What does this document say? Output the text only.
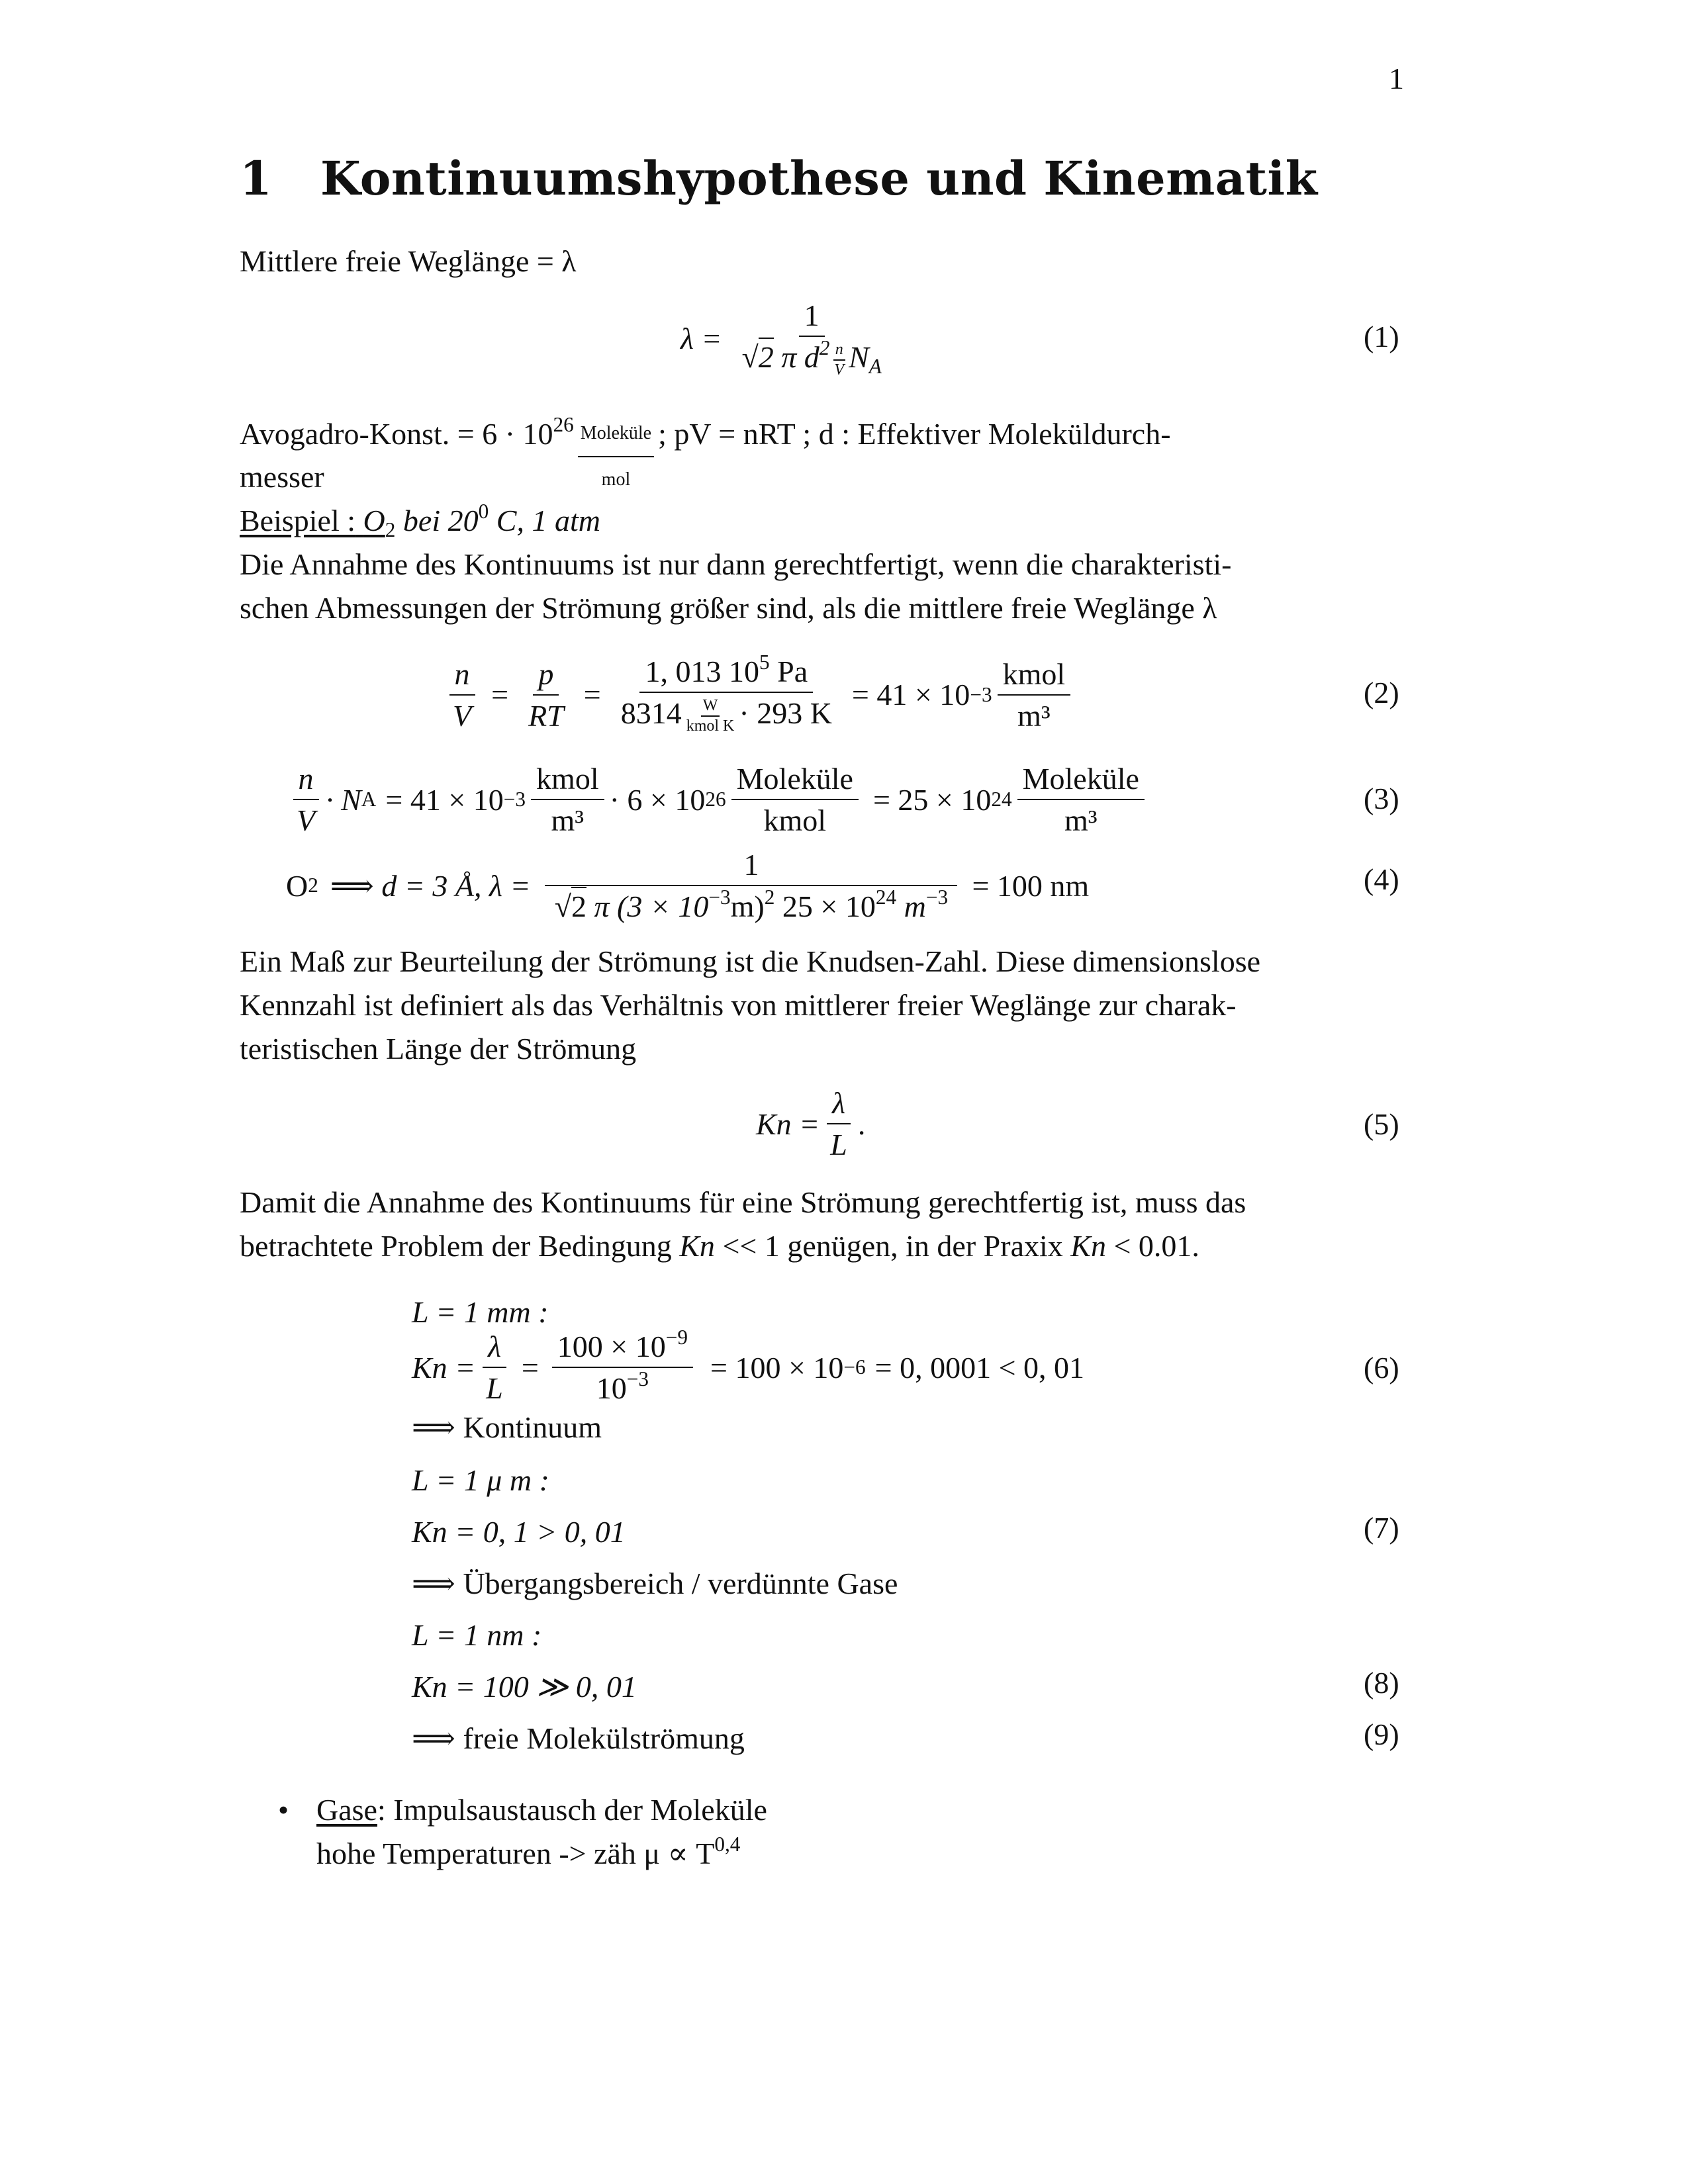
1
1 Kontinuumshypothese und Kinematik
Mittlere freie Weglänge = λ
$\lambda = \frac{1}{√2 \pi d^2 \frac{n}{V} N_A}$	(1)
Avogadro-Konst. = $6 \cdot 10^{26} \frac{\text{Moleküle}}{\text{mol}}$ ; pV = nRT ; d : Effektiver Moleküldurch-
messer
Beispiel : $O_2$ bei $20^0$ C, 1 atm
Die Annahme des Kontinuums ist nur dann gerechtfertigt, wenn die charakteristi-
schen Abmessungen der Strömung größer sind, als die mittlere freie Weglänge λ
$\frac{n}{V} = \frac{p}{RT} = \frac{1, 013 10^5 Pa}{8314 \frac{W}{\text{kmol K}} \cdot 293 K} = 41 \times 10 -3 \frac{\text{kmol}}{\text{m³}}$	(2)
$\frac{n}{V} \cdot N$ $A = 41 \times 10 -3 \frac{\text{kmol}}{\text{m³}} \cdot 6 \times 10$ $26 \frac{\text{Moleküle}}{\text{kmol}} = 25 \times 10$ $24 \frac{\text{Moleküle}}{\text{m³}}$	(3)
O 2 ⟹ d = 3 Å, $\lambda = \frac{1}{√2 \pi (3 \times 10^{-3}m)^2 25 \times 10^{24} m^{-3}} = 100$ nm	(4)
Ein Maß zur Beurteilung der Strömung ist die Knudsen-Zahl. Diese dimensionslose
Kennzahl ist definiert als das Verhältnis von mittlerer freier Weglänge zur charak-
teristischen Länge der Strömung
$Kn = \frac{\lambda}{L}$ .	(5)
Damit die Annahme des Kontinuums für eine Strömung gerechtfertig ist, muss das
betrachtete Problem der Bedingung Kn << 1 genügen, in der Praxix Kn < 0.01.
L = 1 mm :
$Kn = \frac{\lambda}{L} = \frac{100 \times 10^{-9}}{10^{-3}} = 100 \times 10 -6 = 0$, 0001 < 0, 01	(6)
⟹ Kontinuum
L = 1 μ m :
Kn = 0, 1 > 0, 01	(7)
⟹ Übergangsbereich / verdünnte Gase
L = 1 nm :
Kn = 100 ≫ 0, 01	(8)
⟹ freie Molekülströmung	(9)
• Gase: Impulsaustausch der Moleküle
hohe Temperaturen -> zäh μ ∝ T$^{0,4}$
